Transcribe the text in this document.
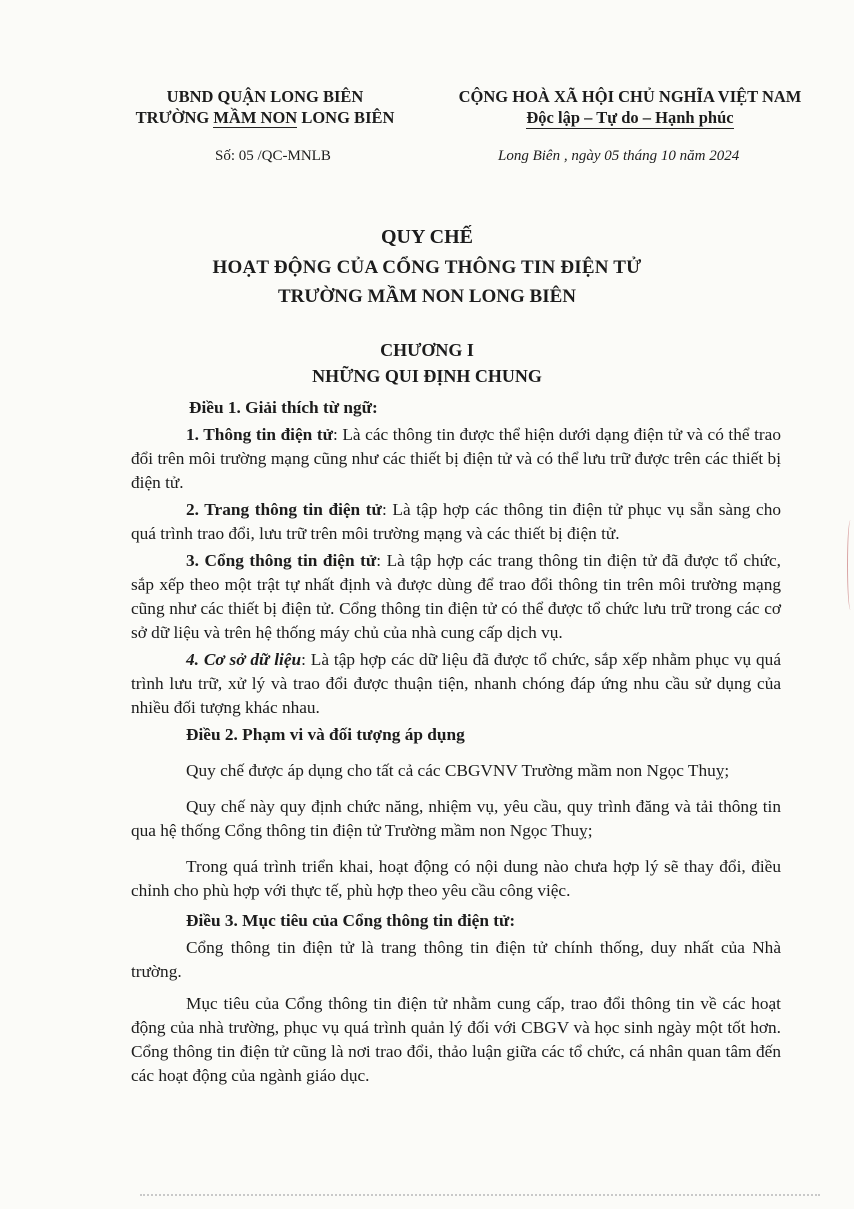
UBND QUẬN LONG BIÊN
TRƯỜNG MẦM NON LONG BIÊN
CỘNG HOÀ XÃ HỘI CHỦ NGHĨA VIỆT NAM
Độc lập – Tự do – Hạnh phúc
Số: 05 /QC-MNLB	Long Biên , ngày 05 tháng 10 năm 2024
QUY CHẾ
HOẠT ĐỘNG CỦA CỔNG THÔNG TIN ĐIỆN TỬ
TRƯỜNG MẦM NON LONG BIÊN
CHƯƠNG I
NHỮNG QUI ĐỊNH CHUNG

Điều 1. Giải thích từ ngữ:

1. Thông tin điện tử: Là các thông tin được thể hiện dưới dạng điện tử và có thể trao đổi trên môi trường mạng cũng như các thiết bị điện tử và có thể lưu trữ được trên các thiết bị điện tử.

2. Trang thông tin điện tử: Là tập hợp các thông tin điện tử phục vụ sẵn sàng cho quá trình trao đổi, lưu trữ trên môi trường mạng và các thiết bị điện tử.

3. Cổng thông tin điện tử: Là tập hợp các trang thông tin điện tử đã được tổ chức, sắp xếp theo một trật tự nhất định và được dùng để trao đổi thông tin trên môi trường mạng cũng như các thiết bị điện tử. Cổng thông tin điện tử có thể được tổ chức lưu trữ trong các cơ sở dữ liệu và trên hệ thống máy chủ của nhà cung cấp dịch vụ.

4. Cơ sở dữ liệu: Là tập hợp các dữ liệu đã được tổ chức, sắp xếp nhằm phục vụ quá trình lưu trữ, xử lý và trao đổi được thuận tiện, nhanh chóng đáp ứng nhu cầu sử dụng của nhiều đối tượng khác nhau.

Điều 2. Phạm vi và đối tượng áp dụng

Quy chế được áp dụng cho tất cả các CBGVNV Trường mầm non Ngọc Thuỵ;

Quy chế này quy định chức năng, nhiệm vụ, yêu cầu, quy trình đăng và tải thông tin qua hệ thống Cổng thông tin điện tử Trường mầm non Ngọc Thuỵ;

Trong quá trình triển khai, hoạt động có nội dung nào chưa hợp lý sẽ thay đổi, điều chỉnh cho phù hợp với thực tế, phù hợp theo yêu cầu công việc.

Điều 3. Mục tiêu của Cổng thông tin điện tử:

Cổng thông tin điện tử là trang thông tin điện tử chính thống, duy nhất của Nhà trường.

Mục tiêu của Cổng thông tin điện tử nhằm cung cấp, trao đổi thông tin về các hoạt động của nhà trường, phục vụ quá trình quản lý đối với CBGV và học sinh ngày một tốt hơn. Cổng thông tin điện tử cũng là nơi trao đổi, thảo luận giữa các tổ chức, cá nhân quan tâm đến các hoạt động của ngành giáo dục.
